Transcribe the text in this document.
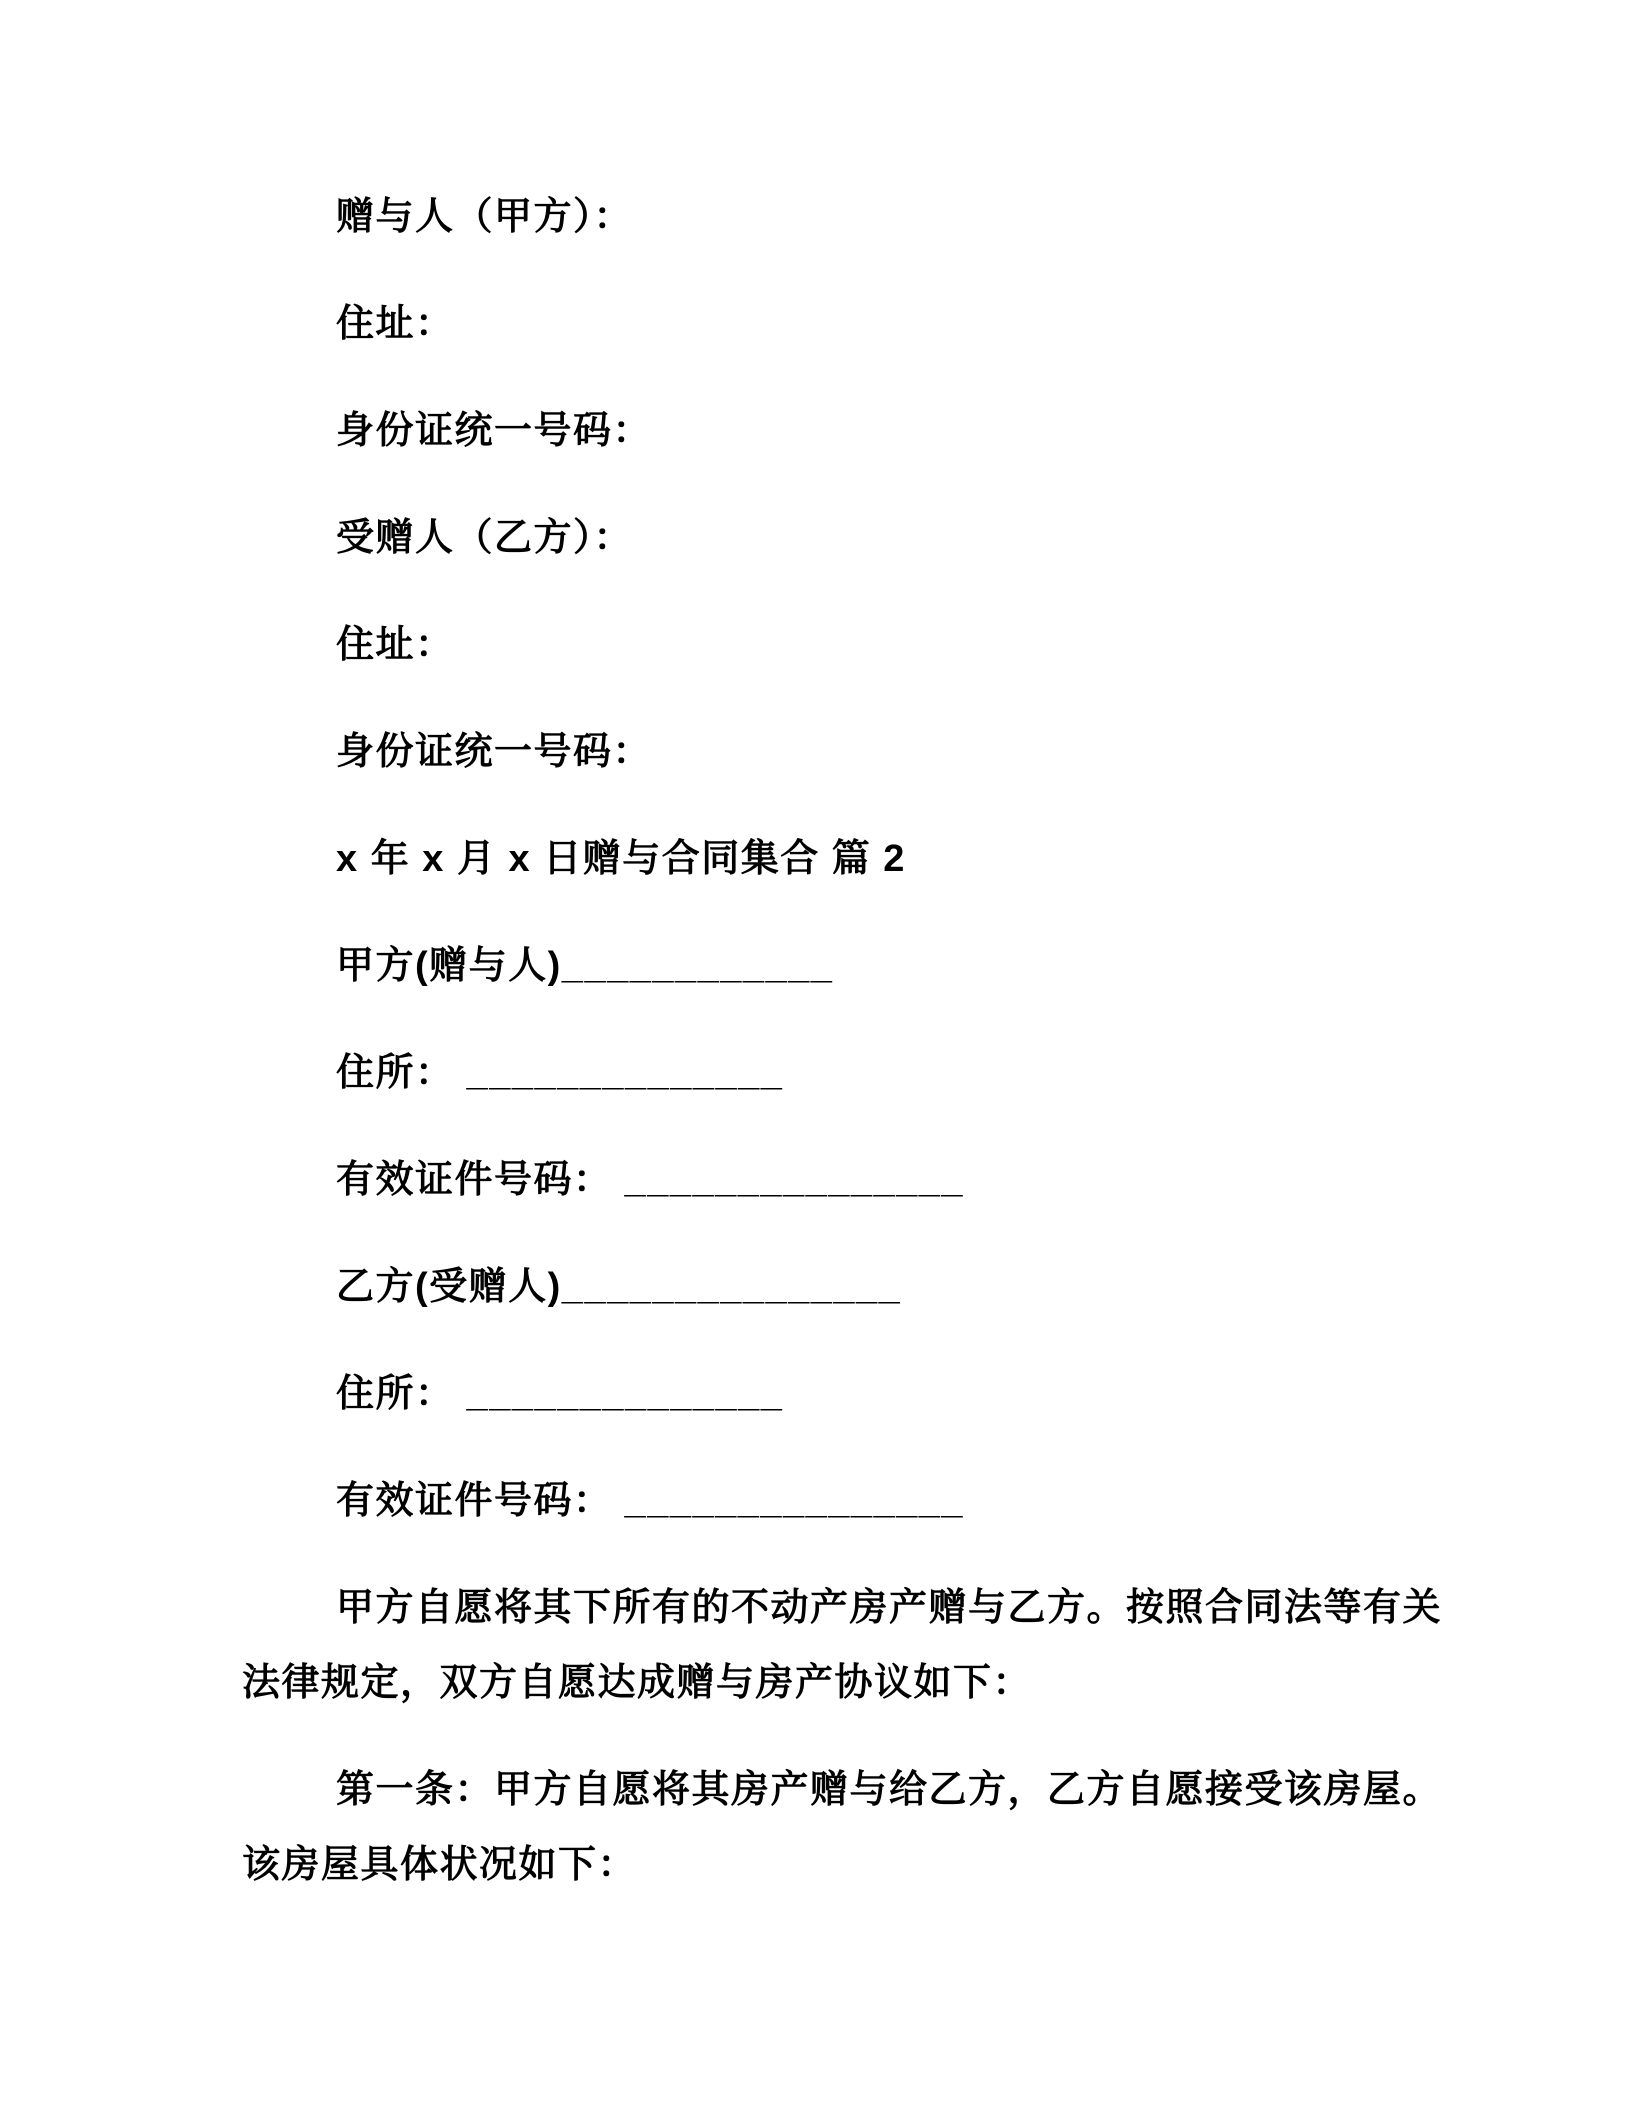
赠与人（甲方）：

住址：

身份证统一号码：

受赠人（乙方）：

住址：

身份证统一号码：

x 年 x 月 x 日赠与合同集合 篇 2

甲方(赠与人)____________

住所： ______________

有效证件号码： _______________

乙方(受赠人)_______________

住所： ______________

有效证件号码： _______________

甲方自愿将其下所有的不动产房产赠与乙方。按照合同法等有关法律规定，双方自愿达成赠与房产协议如下：

第一条：甲方自愿将其房产赠与给乙方，乙方自愿接受该房屋。该房屋具体状况如下：
